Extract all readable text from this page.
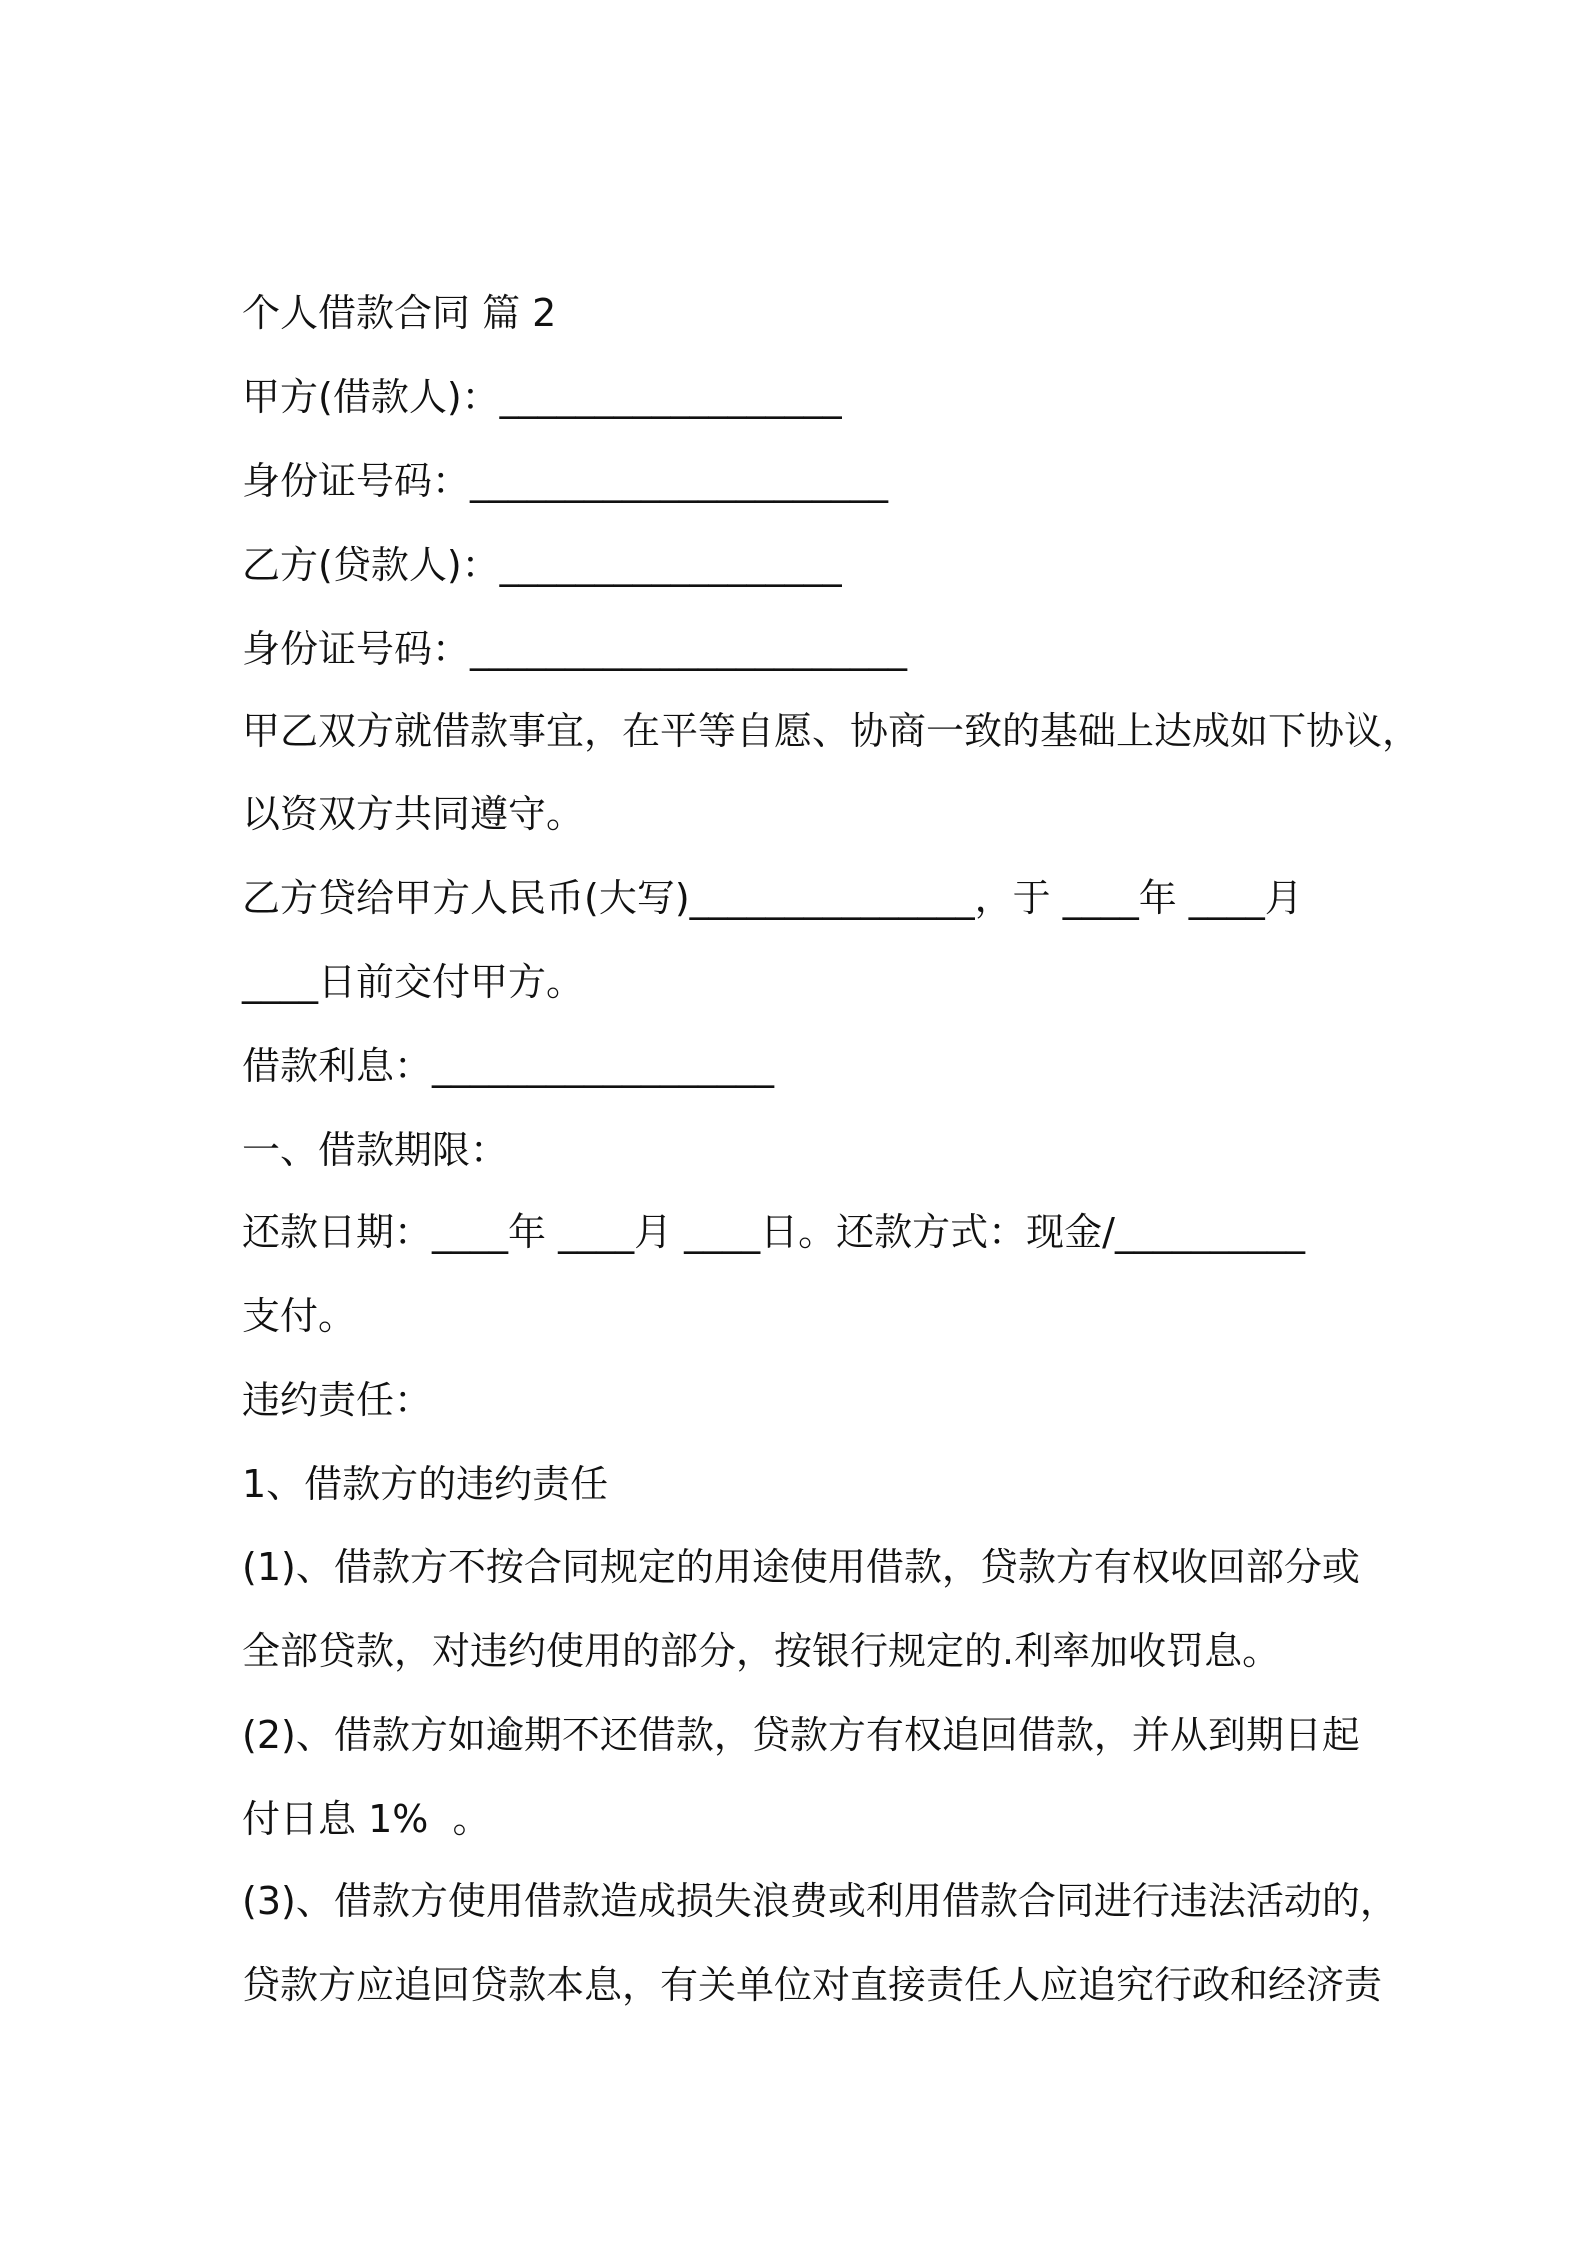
个人借款合同 篇 2

甲方(借款人)：__________________

身份证号码：______________________

乙方(贷款人)：__________________

身份证号码：_______________________

甲乙双方就借款事宜，在平等自愿、协商一致的基础上达成如下协议，

以资双方共同遵守。

乙方贷给甲方人民币(大写)_______________，于 ____年 ____月

____日前交付甲方。

借款利息：__________________

一、借款期限：

还款日期：____年 ____月 ____日。还款方式：现金/__________

支付。

违约责任：

1、借款方的违约责任

(1)、借款方不按合同规定的用途使用借款，贷款方有权收回部分或

全部贷款，对违约使用的部分，按银行规定的.利率加收罚息。

(2)、借款方如逾期不还借款，贷款方有权追回借款，并从到期日起

付日息 1%  。

(3)、借款方使用借款造成损失浪费或利用借款合同进行违法活动的，

贷款方应追回贷款本息，有关单位对直接责任人应追究行政和经济责
